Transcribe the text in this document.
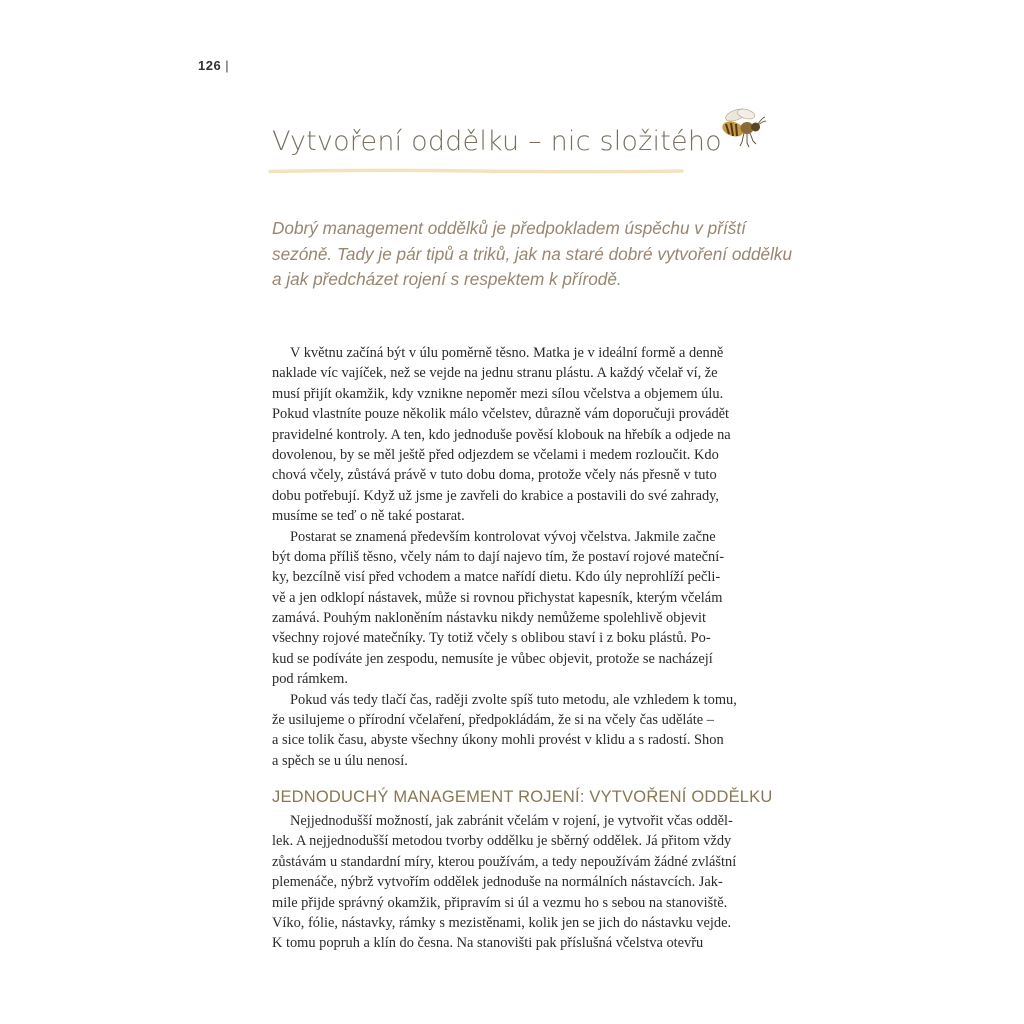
126 |
Vytvoření oddělku – nic složitého
Dobrý management oddělků je předpokladem úspěchu v příští
sezóně. Tady je pár tipů a triků, jak na staré dobré vytvoření oddělku
a jak předcházet rojení s respektem k přírodě.
V květnu začíná být v úlu poměrně těsno. Matka je v ideální formě a denně
naklade víc vajíček, než se vejde na jednu stranu plástu. A každý včelař ví, že
musí přijít okamžik, kdy vznikne nepoměr mezi sílou včelstva a objemem úlu.
Pokud vlastníte pouze několik málo včelstev, důrazně vám doporučuji provádět
pravidelné kontroly. A ten, kdo jednoduše pověsí klobouk na hřebík a odjede na
dovolenou, by se měl ještě před odjezdem se včelami i medem rozloučit. Kdo
chová včely, zůstává právě v tuto dobu doma, protože včely nás přesně v tuto
dobu potřebují. Když už jsme je zavřeli do krabice a postavili do své zahrady,
musíme se teď o ně také postarat.
Postarat se znamená především kontrolovat vývoj včelstva. Jakmile začne
být doma příliš těsno, včely nám to dají najevo tím, že postaví rojové mateční-
ky, bezcílně visí před vchodem a matce nařídí dietu. Kdo úly neprohlíží pečli-
vě a jen odklopí nástavek, může si rovnou přichystat kapesník, kterým včelám
zamává. Pouhým nakloněním nástavku nikdy nemůžeme spolehlivě objevit
všechny rojové matečníky. Ty totiž včely s oblibou staví i z boku plástů. Po-
kud se podíváte jen zespodu, nemusíte je vůbec objevit, protože se nacházejí
pod rámkem.
Pokud vás tedy tlačí čas, raději zvolte spíš tuto metodu, ale vzhledem k tomu,
že usilujeme o přírodní včelaření, předpokládám, že si na včely čas uděláte –
a sice tolik času, abyste všechny úkony mohli provést v klidu a s radostí. Shon
a spěch se u úlu nenosí.
JEDNODUCHÝ MANAGEMENT ROJENÍ: VYTVOŘENÍ ODDĚLKU
Nejjednodušší možností, jak zabránit včelám v rojení, je vytvořit včas odděl-
lek. A nejjednodušší metodou tvorby oddělku je sběrný oddělek. Já přitom vždy
zůstávám u standardní míry, kterou používám, a tedy nepoužívám žádné zvláštní
plemenáče, nýbrž vytvořím oddělek jednoduše na normálních nástavcích. Jak-
mile přijde správný okamžik, připravím si úl a vezmu ho s sebou na stanoviště.
Víko, fólie, nástavky, rámky s mezistěnami, kolik jen se jich do nástavku vejde.
K tomu popruh a klín do česna. Na stanovišti pak příslušná včelstva otevřu
